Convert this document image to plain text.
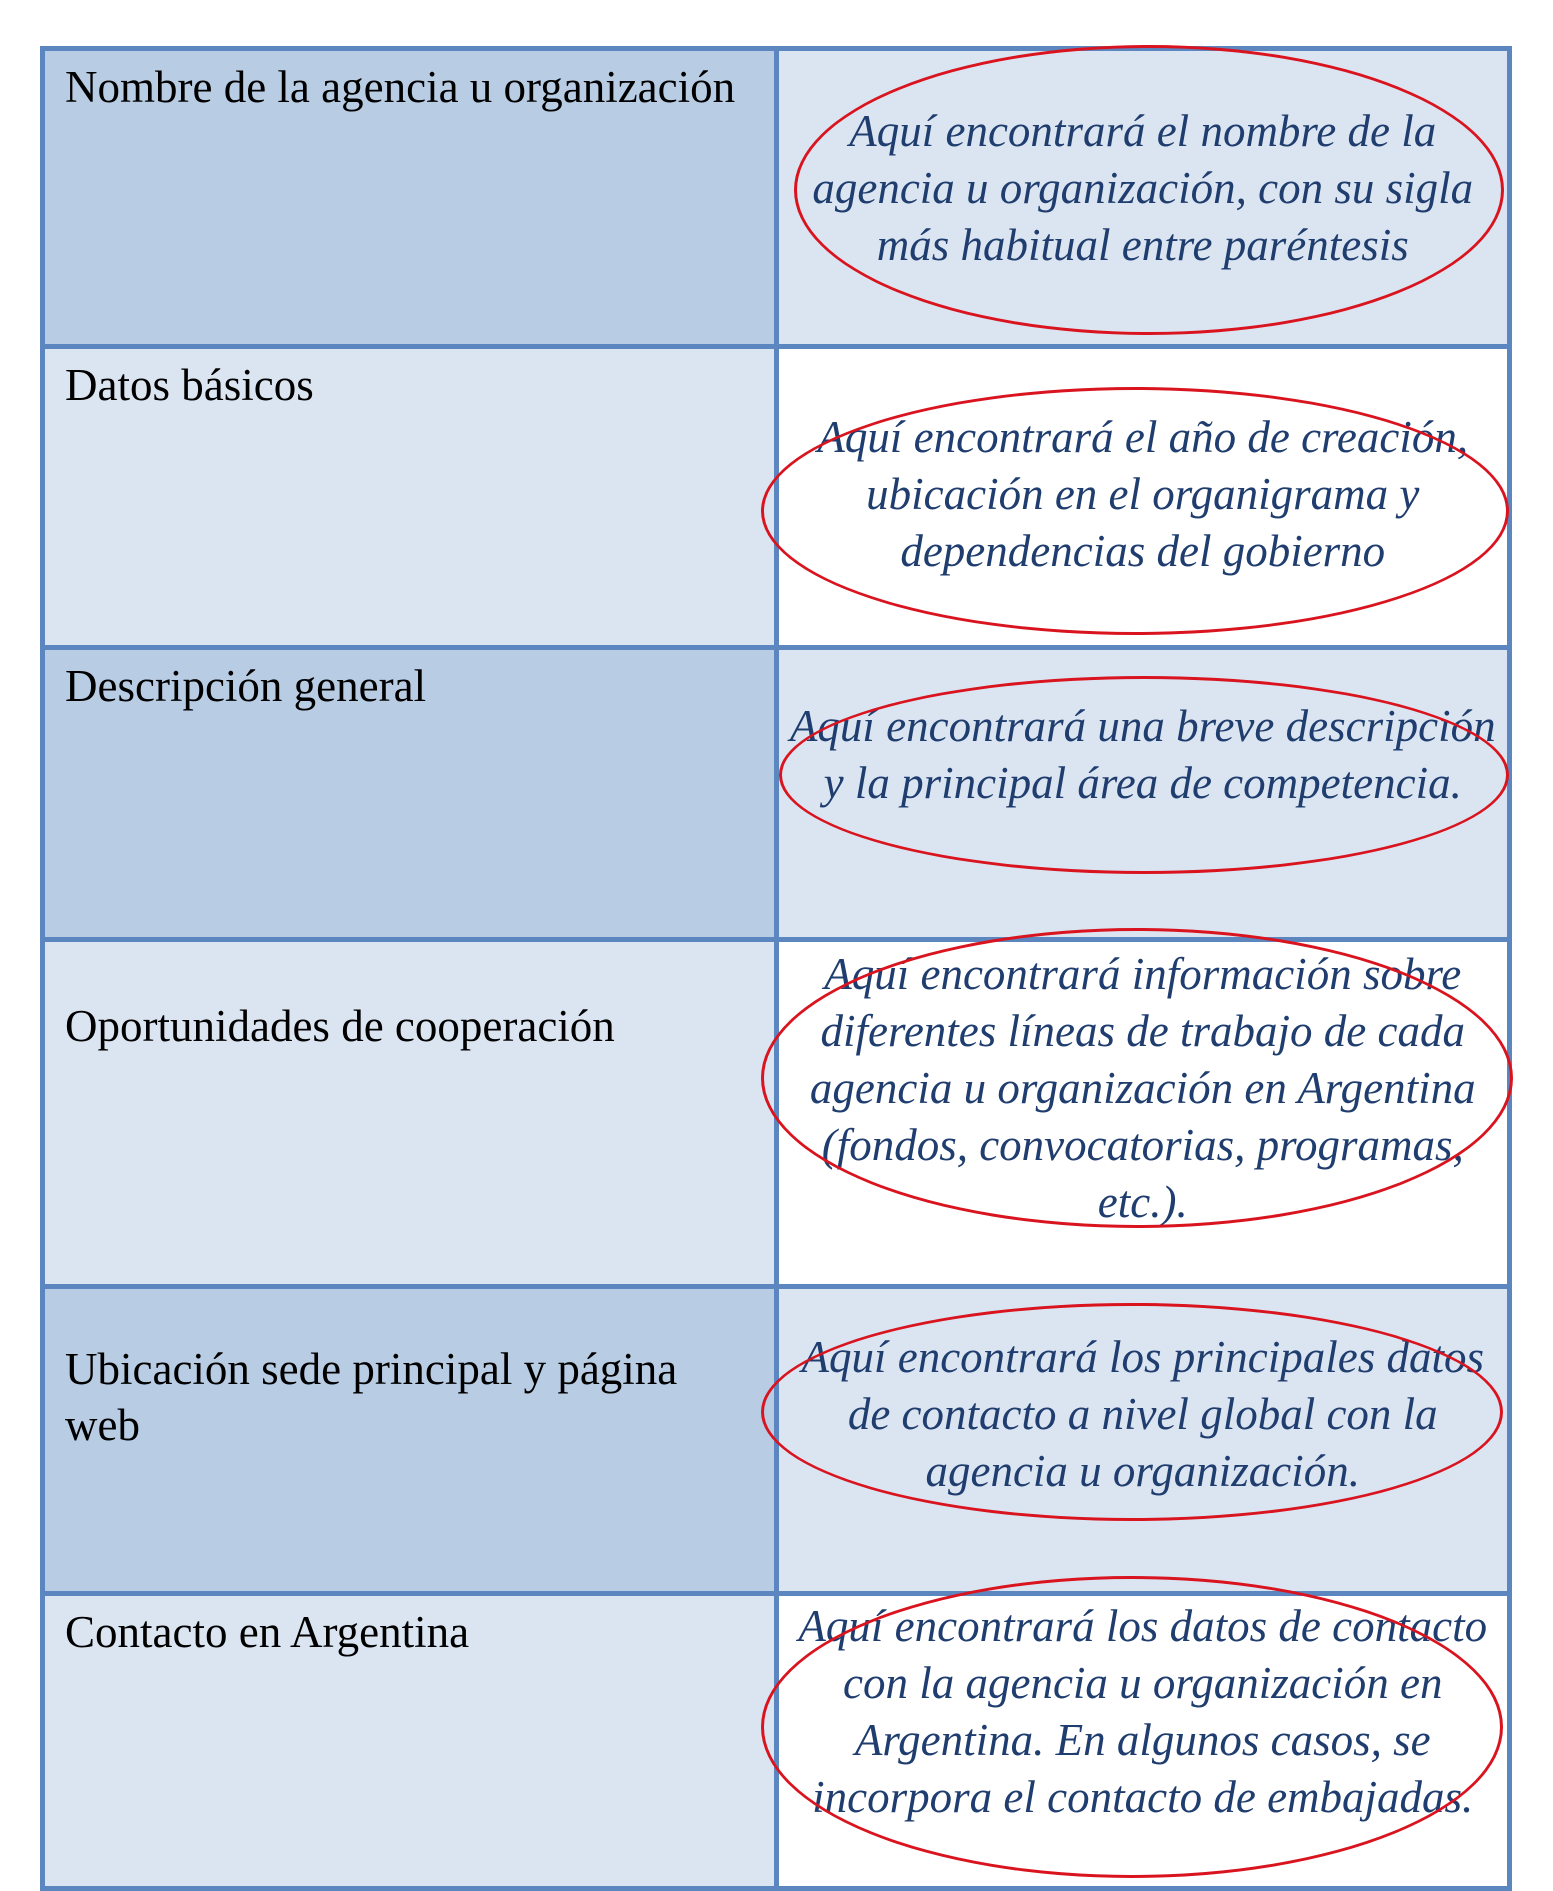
Nombre de la agencia u organización	Aquí encontrará el nombre de la agencia u organización, con su sigla más habitual entre paréntesis

Datos básicos	Aquí encontrará el año de creación, ubicación en el organigrama y dependencias del gobierno

Descripción general	Aquí encontrará una breve descripción y la principal área de competencia.

Oportunidades de cooperación	Aquí encontrará información sobre diferentes líneas de trabajo de cada agencia u organización en Argentina (fondos, convocatorias, programas, etc.).

Ubicación sede principal y página web	Aquí encontrará los principales datos de contacto a nivel global con la agencia u organización.

Contacto en Argentina	Aquí encontrará los datos de contacto con la agencia u organización en Argentina. En algunos casos, se incorpora el contacto de embajadas.
